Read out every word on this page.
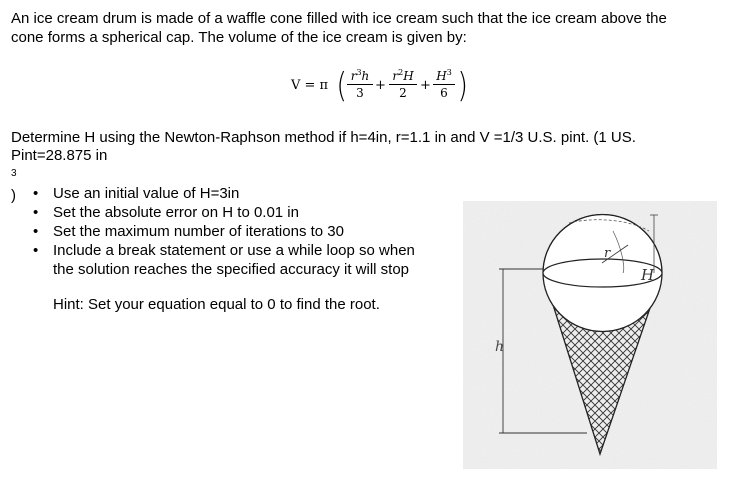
An ice cream drum is made of a waffle cone filled with ice cream such that the ice cream above the
cone forms a spherical cap. The volume of the ice cream is given by:
V = π ( $r^3h$
3 +
$r^2H$
2	+
$H^3$
6 )
Determine H using the Newton-Raphson method if h=4in, r=1.1 in and V =1/3 U.S. pint. (1 US.
Pint=28.875 in
$^3$
)
•	Use an initial value of H=3in
• Set the absolute error on H to 0.01 in
• Set the maximum number of iterations to 30
• Include a break statement or use a while loop so when
the solution reaches the specified accuracy it will stop
Hint: Set your equation equal to 0 to find the root.
r
H
h
